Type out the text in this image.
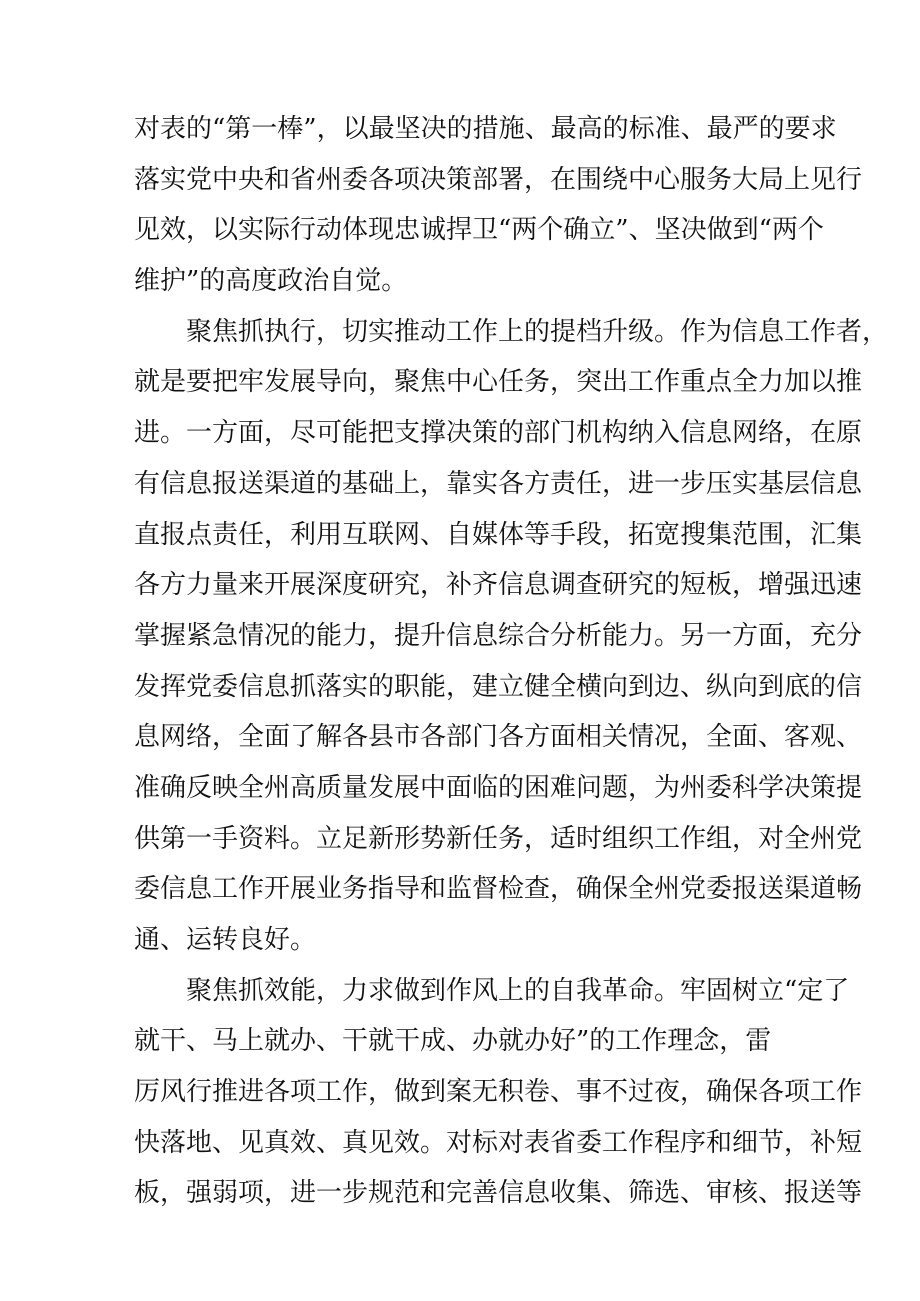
对表的“第一棒”，以最坚决的措施、最高的标准、最严的要求
落实党中央和省州委各项决策部署，在围绕中心服务大局上见行
见效，以实际行动体现忠诚捍卫“两个确立”、坚决做到“两个
维护”的高度政治自觉。
聚焦抓执行，切实推动工作上的提档升级。作为信息工作者，
就是要把牢发展导向，聚焦中心任务，突出工作重点全力加以推
进。一方面，尽可能把支撑决策的部门机构纳入信息网络，在原
有信息报送渠道的基础上，靠实各方责任，进一步压实基层信息
直报点责任，利用互联网、自媒体等手段，拓宽搜集范围，汇集
各方力量来开展深度研究，补齐信息调查研究的短板，增强迅速
掌握紧急情况的能力，提升信息综合分析能力。另一方面，充分
发挥党委信息抓落实的职能，建立健全横向到边、纵向到底的信
息网络，全面了解各县市各部门各方面相关情况，全面、客观、
准确反映全州高质量发展中面临的困难问题，为州委科学决策提
供第一手资料。立足新形势新任务，适时组织工作组，对全州党
委信息工作开展业务指导和监督检查，确保全州党委报送渠道畅
通、运转良好。
聚焦抓效能，力求做到作风上的自我革命。牢固树立“定了
就干、马上就办、干就干成、办就办好”的工作理念，雷
厉风行推进各项工作，做到案无积卷、事不过夜，确保各项工作
快落地、见真效、真见效。对标对表省委工作程序和细节，补短
板，强弱项，进一步规范和完善信息收集、筛选、审核、报送等
